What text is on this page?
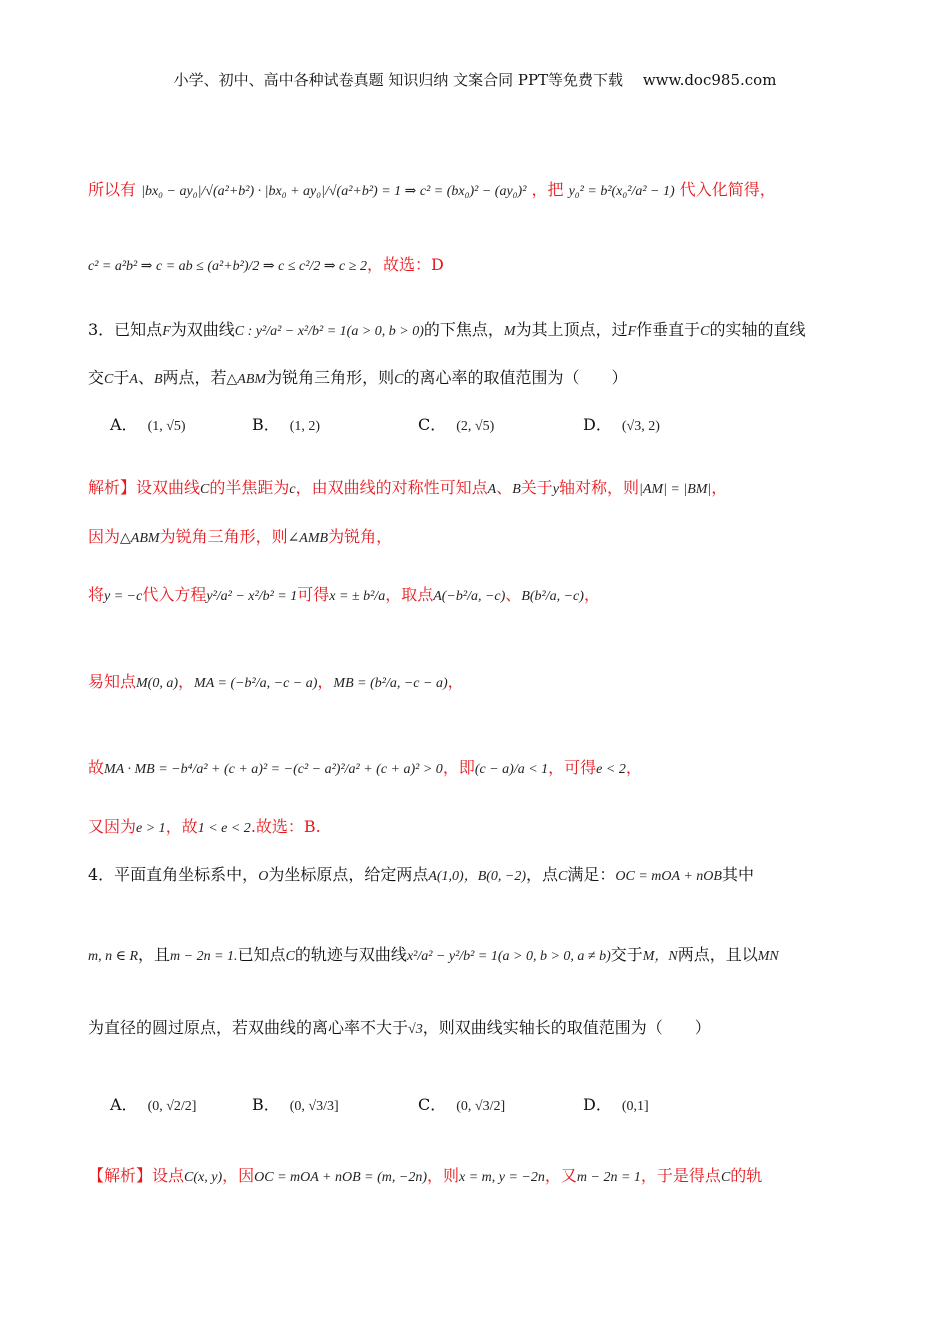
小学、初中、高中各种试卷真题 知识归纳 文案合同 PPT等免费下载　 www.doc985.com
所以有 |bx₀ − ay₀|/√(a²+b²) · |bx₀ + ay₀|/√(a²+b²) = 1 ⇒ c² = (bx₀)² − (ay₀)² ，把 y₀² = b²(x₀²/a² − 1) 代入化简得，
c² = a²b² ⇒ c = ab ≤ (a²+b²)/2 ⇒ c ≤ c²/2 ⇒ c ≥ 2，故选：D
3．已知点F为双曲线C : y²/a² − x²/b² = 1(a > 0, b > 0)的下焦点，M为其上顶点，过F作垂直于C的实轴的直线
交C于A、B两点，若△ABM为锐角三角形，则C的离心率的取值范围为（　　）
A． (1, √5)	B． (1, 2)	C． (2, √5)	D． (√3, 2)
解析】设双曲线C的半焦距为c，由双曲线的对称性可知点A、B关于y轴对称，则|AM| = |BM|，
因为△ABM为锐角三角形，则∠AMB为锐角，
将y = −c代入方程y²/a² − x²/b² = 1可得x = ± b²/a，取点A(−b²/a, −c)、B(b²/a, −c)，
易知点M(0, a)，MA = (−b²/a, −c − a)，MB = (b²/a, −c − a)，
故MA · MB = −b⁴/a² + (c + a)² = −(c² − a²)²/a² + (c + a)² > 0，即(c − a)/a < 1，可得e < 2，
又因为e > 1，故1 < e < 2.故选：B.
4．平面直角坐标系中，O为坐标原点，给定两点A(1,0)，B(0, −2)，点C满足：OC = mOA + nOB其中
m, n ∈ R，且m − 2n = 1.已知点C的轨迹与双曲线x²/a² − y²/b² = 1(a > 0, b > 0, a ≠ b)交于M，N两点，且以MN
为直径的圆过原点，若双曲线的离心率不大于√3，则双曲线实轴长的取值范围为（　　）
A． (0, √2/2]	B． (0, √3/3]	C． (0, √3/2]	D． (0,1]
【解析】设点C(x, y)，因OC = mOA + nOB = (m, −2n)，则x = m, y = −2n，又m − 2n = 1，于是得点C的轨
